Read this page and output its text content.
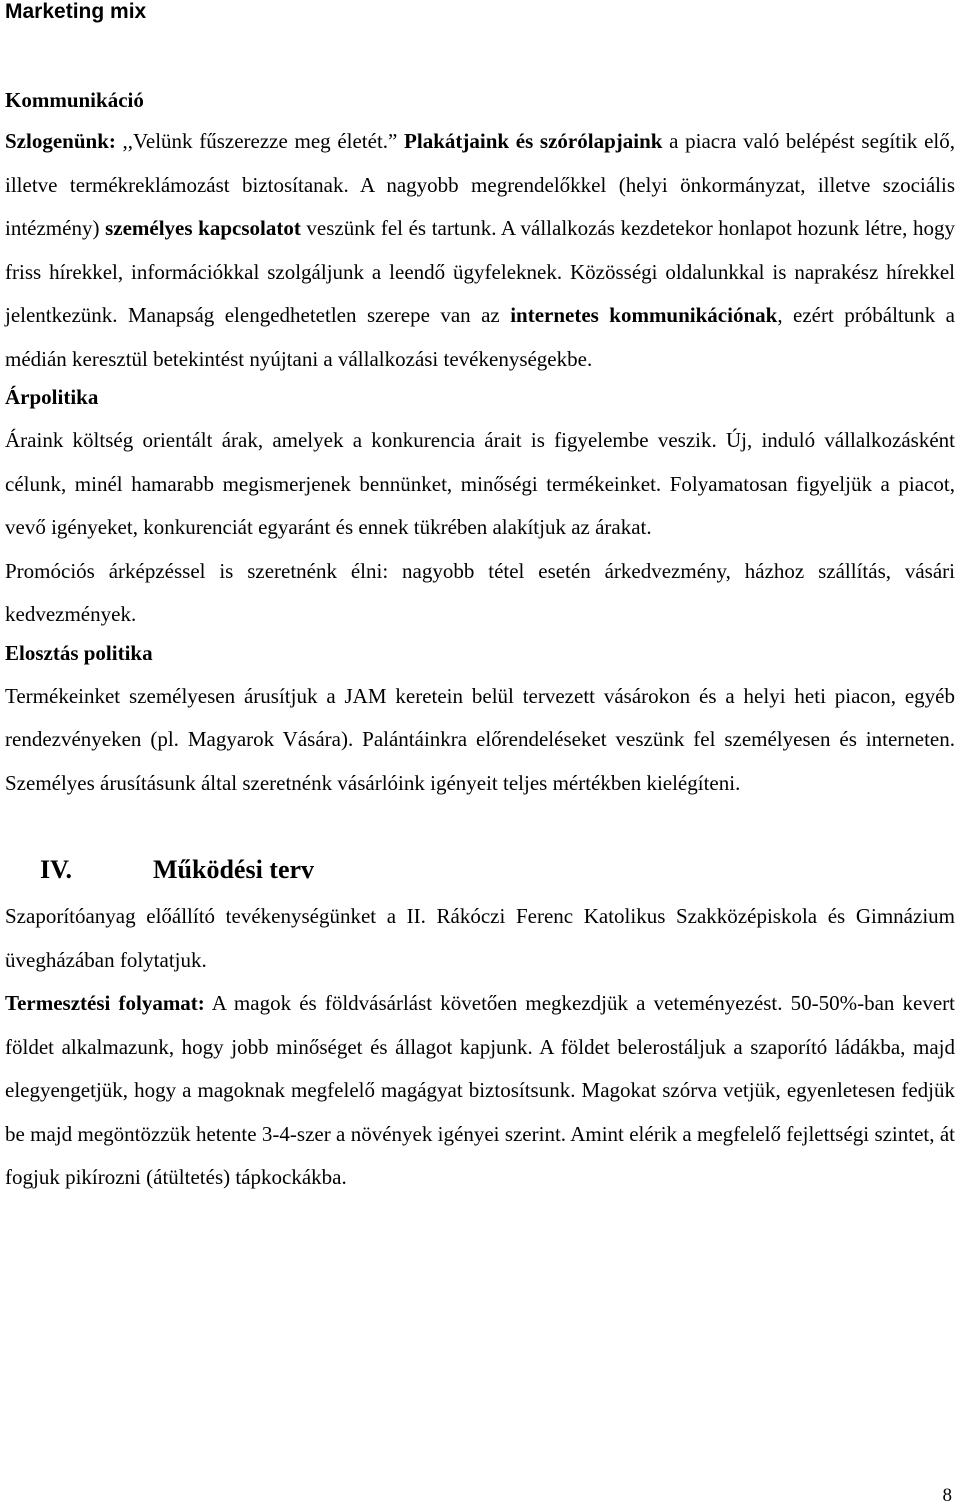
Marketing mix
Kommunikáció

Szlogenünk: ,,Velünk fűszerezze meg életét.” Plakátjaink és szórólapjaink a piacra való belépést segítik elő, illetve termékreklámozást biztosítanak. A nagyobb megrendelőkkel (helyi önkormányzat, illetve szociális intézmény) személyes kapcsolatot veszünk fel és tartunk. A vállalkozás kezdetekor honlapot hozunk létre, hogy friss hírekkel, információkkal szolgáljunk a leendő ügyfeleknek. Közösségi oldalunkkal is naprakész hírekkel jelentkezünk. Manapság elengedhetetlen szerepe van az internetes kommunikációnak, ezért próbáltunk a médián keresztül betekintést nyújtani a vállalkozási tevékenységekbe.

Árpolitika

Áraink költség orientált árak, amelyek a konkurencia árait is figyelembe veszik. Új, induló vállalkozásként célunk, minél hamarabb megismerjenek bennünket, minőségi termékeinket. Folyamatosan figyeljük a piacot, vevő igényeket, konkurenciát egyaránt és ennek tükrében alakítjuk az árakat.

Promóciós árképzéssel is szeretnénk élni: nagyobb tétel esetén árkedvezmény, házhoz szállítás, vásári kedvezmények.

Elosztás politika

Termékeinket személyesen árusítjuk a JAM keretein belül tervezett vásárokon és a helyi heti piacon, egyéb rendezvényeken (pl. Magyarok Vására). Palántáinkra előrendeléseket veszünk fel személyesen és interneten. Személyes árusításunk által szeretnénk vásárlóink igényeit teljes mértékben kielégíteni.

IV.	Működési terv

Szaporítóanyag előállító tevékenységünket a II. Rákóczi Ferenc Katolikus Szakközépiskola és Gimnázium üvegházában folytatjuk.

Termesztési folyamat: A magok és földvásárlást követően megkezdjük a veteményezést. 50-50%-ban kevert földet alkalmazunk, hogy jobb minőséget és állagot kapjunk. A földet belerostáljuk a szaporító ládákba, majd elegyengetjük, hogy a magoknak megfelelő magágyat biztosítsunk. Magokat szórva vetjük, egyenletesen fedjük be majd megöntözzük hetente 3-4-szer a növények igényei szerint. Amint elérik a megfelelő fejlettségi szintet, át fogjuk pikírozni (átültetés) tápkockákba.

8
